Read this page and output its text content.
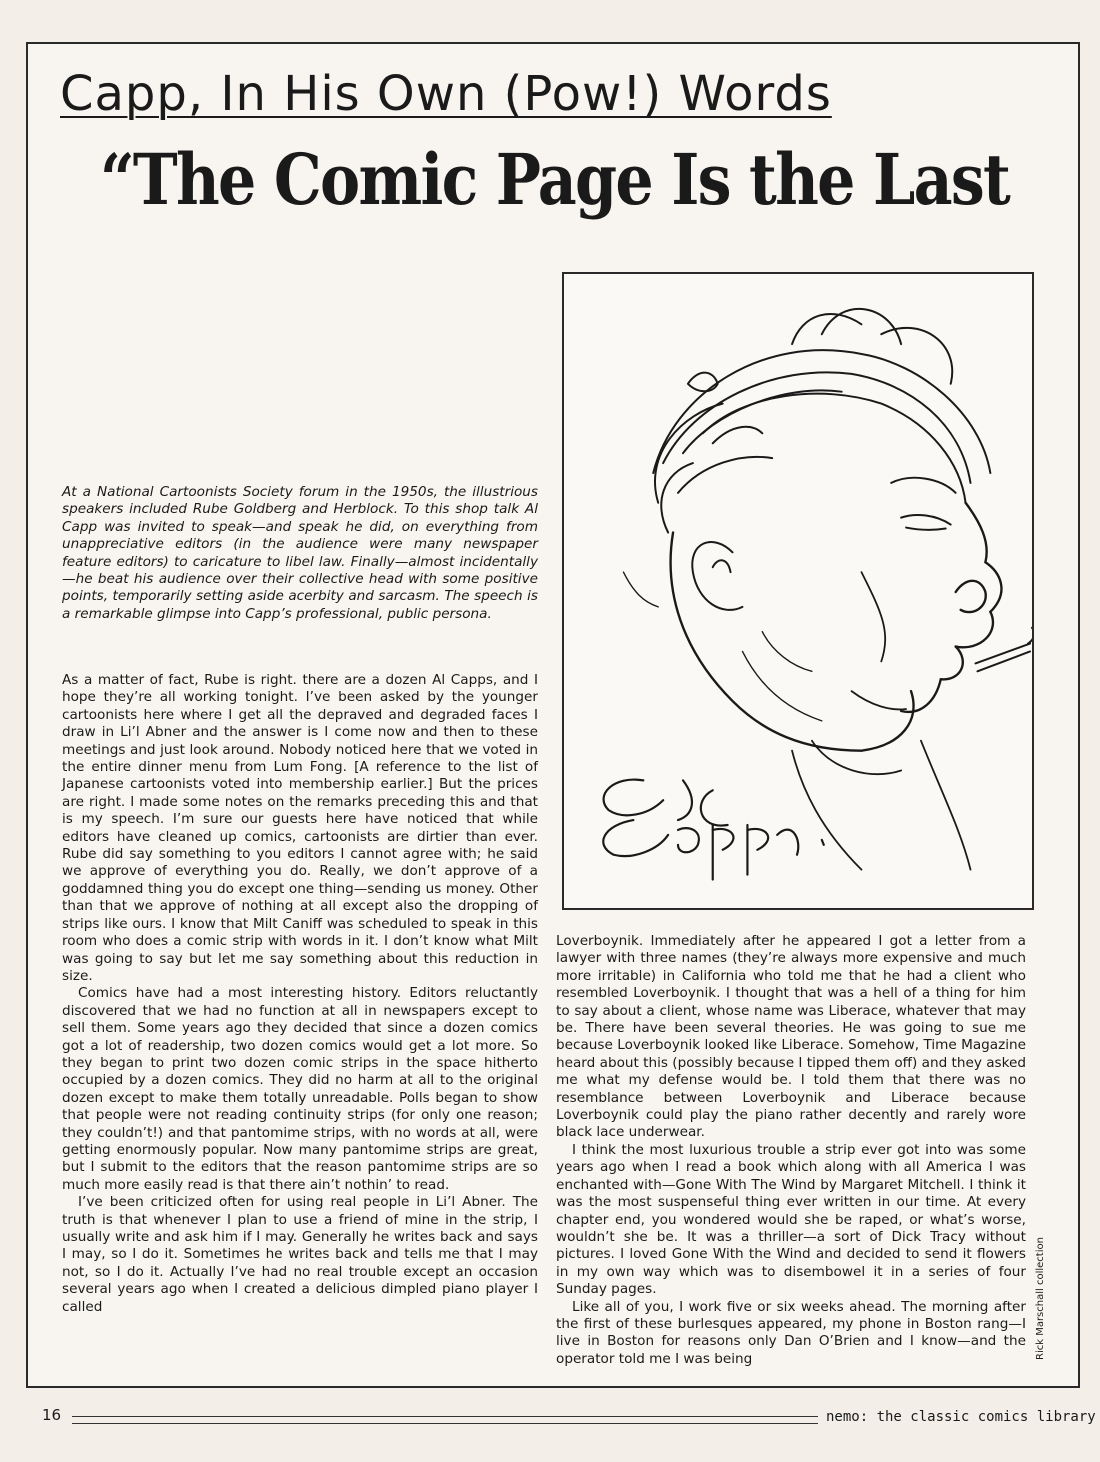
Capp, In His Own (Pow!) Words
“The Comic Page Is the Last

At a National Cartoonists Society forum in the 1950s, the illustrious speakers included Rube Goldberg and Herblock. To this shop talk Al Capp was invited to speak—and speak he did, on everything from unappreciative editors (in the audience were many newspaper feature editors) to caricature to libel law. Finally—almost incidentally—he beat his audience over their collective head with some positive points, temporarily setting aside acerbity and sarcasm. The speech is a remarkable glimpse into Capp’s professional, public persona.

As a matter of fact, Rube is right. there are a dozen Al Capps, and I hope they’re all working tonight. I’ve been asked by the younger cartoonists here where I get all the depraved and degraded faces I draw in Li’l Abner and the answer is I come now and then to these meetings and just look around. Nobody noticed here that we voted in the entire dinner menu from Lum Fong. [A reference to the list of Japanese cartoonists voted into membership earlier.] But the prices are right. I made some notes on the remarks preceding this and that is my speech. I’m sure our guests here have noticed that while editors have cleaned up comics, cartoonists are dirtier than ever. Rube did say something to you editors I cannot agree with; he said we approve of everything you do. Really, we don’t approve of a goddamned thing you do except one thing—sending us money. Other than that we approve of nothing at all except also the dropping of strips like ours. I know that Milt Caniff was scheduled to speak in this room who does a comic strip with words in it. I don’t know what Milt was going to say but let me say something about this reduction in size.

Comics have had a most interesting history. Editors reluctantly discovered that we had no function at all in newspapers except to sell them. Some years ago they decided that since a dozen comics got a lot of readership, two dozen comics would get a lot more. So they began to print two dozen comic strips in the space hitherto occupied by a dozen comics. They did no harm at all to the original dozen except to make them totally unreadable. Polls began to show that people were not reading continuity strips (for only one reason; they couldn’t!) and that pantomime strips, with no words at all, were getting enormously popular. Now many pantomime strips are great, but I submit to the editors that the reason pantomime strips are so much more easily read is that there ain’t nothin’ to read.

I’ve been criticized often for using real people in Li’l Abner. The truth is that whenever I plan to use a friend of mine in the strip, I usually write and ask him if I may. Generally he writes back and says I may, so I do it. Sometimes he writes back and tells me that I may not, so I do it. Actually I’ve had no real trouble except an occasion several years ago when I created a delicious dimpled piano player I called

Loverboynik. Immediately after he appeared I got a letter from a lawyer with three names (they’re always more expensive and much more irritable) in California who told me that he had a client who resembled Loverboynik. I thought that was a hell of a thing for him to say about a client, whose name was Liberace, whatever that may be. There have been several theories. He was going to sue me because Loverboynik looked like Liberace. Somehow, Time Magazine heard about this (possibly because I tipped them off) and they asked me what my defense would be. I told them that there was no resemblance between Loverboynik and Liberace because Loverboynik could play the piano rather decently and rarely wore black lace underwear.

I think the most luxurious trouble a strip ever got into was some years ago when I read a book which along with all America I was enchanted with—Gone With The Wind by Margaret Mitchell. I think it was the most suspenseful thing ever written in our time. At every chapter end, you wondered would she be raped, or what’s worse, wouldn’t she be. It was a thriller—a sort of Dick Tracy without pictures. I loved Gone With the Wind and decided to send it flowers in my own way which was to disembowel it in a series of four Sunday pages.

Like all of you, I work five or six weeks ahead. The morning after the first of these burlesques appeared, my phone in Boston rang—I live in Boston for reasons only Dan O’Brien and I know—and the operator told me I was being	Rick Marschall collection
16	nemo: the classic comics library
